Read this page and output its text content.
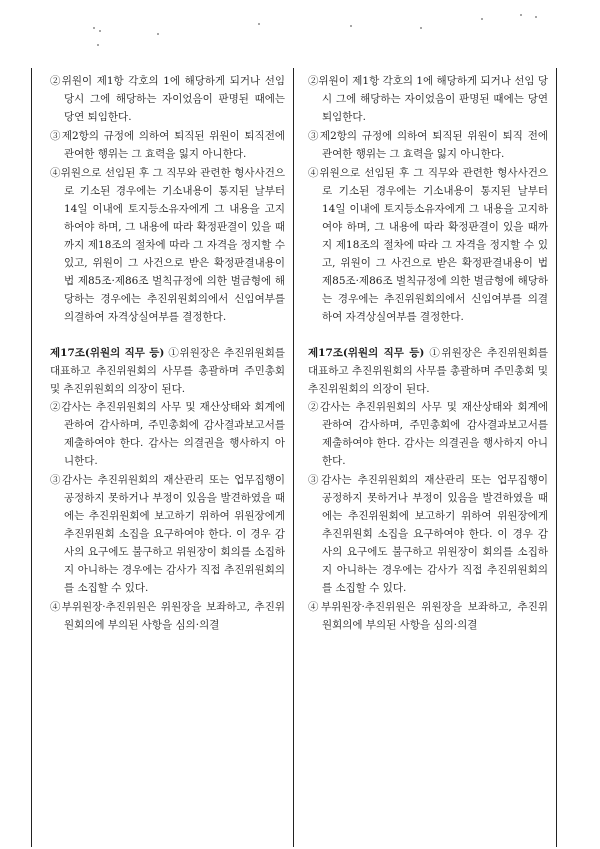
②위원이 제1항 각호의 1에 해당하게 되거나 선임 당시 그에 해당하는 자이었음이 판명된 때에는 당연 퇴임한다.

③제2항의 규정에 의하여 퇴직된 위원이 퇴직전에 관여한 행위는 그 효력을 잃지 아니한다.

④위원으로 선임된 후 그 직무와 관련한 형사사건으로 기소된 경우에는 기소내용이 통지된 날부터 14일 이내에 토지등소유자에게 그 내용을 고지하여야 하며, 그 내용에 따라 확정판결이 있을 때까지 제18조의 절차에 따라 그 자격을 정지할 수 있고, 위원이 그 사건으로 받은 확정판결내용이 법 제85조·제86조 벌칙규정에 의한 벌금형에 해당하는 경우에는 추진위원회의에서 신임여부를 의결하여 자격상실여부를 결정한다.

제17조(위원의 직무 등) ①위원장은 추진위원회를 대표하고 추진위원회의 사무를 총괄하며 주민총회 및 추진위원회의 의장이 된다.

②감사는 추진위원회의 사무 및 재산상태와 회계에 관하여 감사하며, 주민총회에 감사결과보고서를 제출하여야 한다. 감사는 의결권을 행사하지 아니한다.

③감사는 추진위원회의 재산관리 또는 업무집행이 공정하지 못하거나 부정이 있음을 발견하였을 때에는 추진위원회에 보고하기 위하여 위원장에게 추진위원회 소집을 요구하여야 한다. 이 경우 감사의 요구에도 불구하고 위원장이 회의를 소집하지 아니하는 경우에는 감사가 직접 추진위원회의를 소집할 수 있다.

④부위원장·추진위원은 위원장을 보좌하고, 추진위원회의에 부의된 사항을 심의·의결

②위원이 제1항 각호의 1에 해당하게 되거나 선임 당시 그에 해당하는 자이었음이 판명된 때에는 당연 퇴임한다.

③제2항의 규정에 의하여 퇴직된 위원이 퇴직 전에 관여한 행위는 그 효력을 잃지 아니한다.

④위원으로 선임된 후 그 직무와 관련한 형사사건으로 기소된 경우에는 기소내용이 통지된 날부터 14일 이내에 토지등소유자에게 그 내용을 고지하여야 하며, 그 내용에 따라 확정판결이 있을 때까지 제18조의 절차에 따라 그 자격을 정지할 수 있고, 위원이 그 사건으로 받은 확정판결내용이 법 제85조·제86조 벌칙규정에 의한 벌금형에 해당하는 경우에는 추진위원회의에서 신임여부를 의결하여 자격상실여부를 결정한다.

제17조(위원의 직무 등) ①위원장은 추진위원회를 대표하고 추진위원회의 사무를 총괄하며 주민총회 및 추진위원회의 의장이 된다.

②감사는 추진위원회의 사무 및 재산상태와 회계에 관하여 감사하며, 주민총회에 감사결과보고서를 제출하여야 한다. 감사는 의결권을 행사하지 아니한다.

③감사는 추진위원회의 재산관리 또는 업무집행이 공정하지 못하거나 부정이 있음을 발견하였을 때에는 추진위원회에 보고하기 위하여 위원장에게 추진위원회 소집을 요구하여야 한다. 이 경우 감사의 요구에도 불구하고 위원장이 회의를 소집하지 아니하는 경우에는 감사가 직접 추진위원회의를 소집할 수 있다.

④부위원장·추진위원은 위원장을 보좌하고, 추진위원회의에 부의된 사항을 심의·의결
